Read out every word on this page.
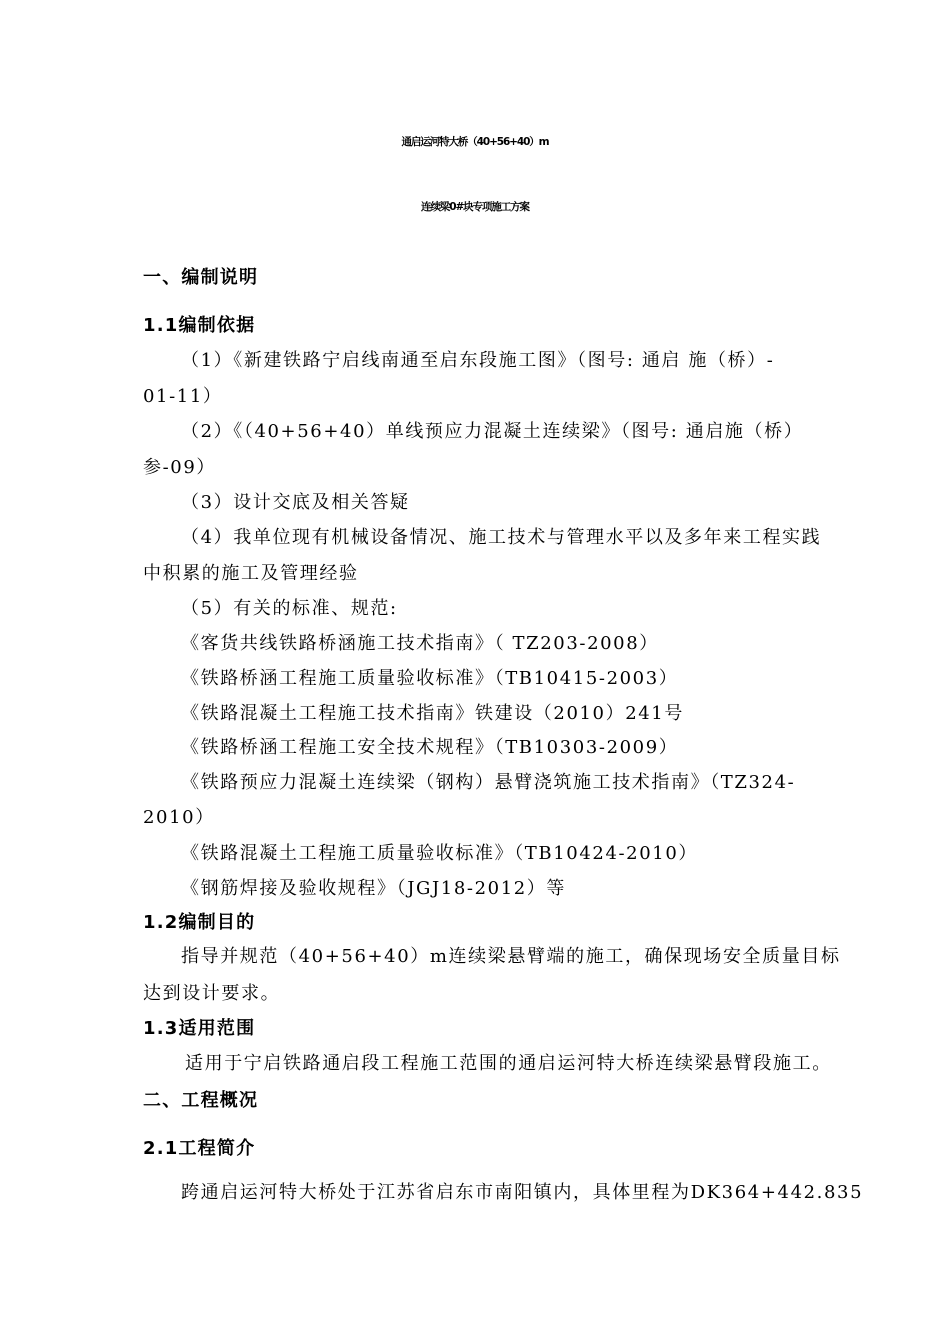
通启运河特大桥（40+56+40）m
连续梁0#块专项施工方案
一、编制说明
1.1编制依据
（1）《新建铁路宁启线南通至启东段施工图》（图号: 通启 施（桥）-
01-11）
（2）《（40+56+40）单线预应力混凝土连续梁》（图号: 通启施（桥）
参-09）
（3）设计交底及相关答疑
（4）我单位现有机械设备情况、施工技术与管理水平以及多年来工程实践
中积累的施工及管理经验
（5）有关的标准、规范:
《客货共线铁路桥涵施工技术指南》（ TZ203-2008）
《铁路桥涵工程施工质量验收标准》（TB10415-2003）
《铁路混凝土工程施工技术指南》铁建设（2010）241号
《铁路桥涵工程施工安全技术规程》（TB10303-2009）
《铁路预应力混凝土连续梁（钢构）悬臂浇筑施工技术指南》（TZ324-
2010）
《铁路混凝土工程施工质量验收标准》（TB10424-2010）
《钢筋焊接及验收规程》（JGJ18-2012）等
1.2编制目的
指导并规范（40+56+40）m连续梁悬臂端的施工，确保现场安全质量目标
达到设计要求。
1.3适用范围
适用于宁启铁路通启段工程施工范围的通启运河特大桥连续梁悬臂段施工。
二、工程概况
2.1工程简介
跨通启运河特大桥处于江苏省启东市南阳镇内，具体里程为DK364+442.835
